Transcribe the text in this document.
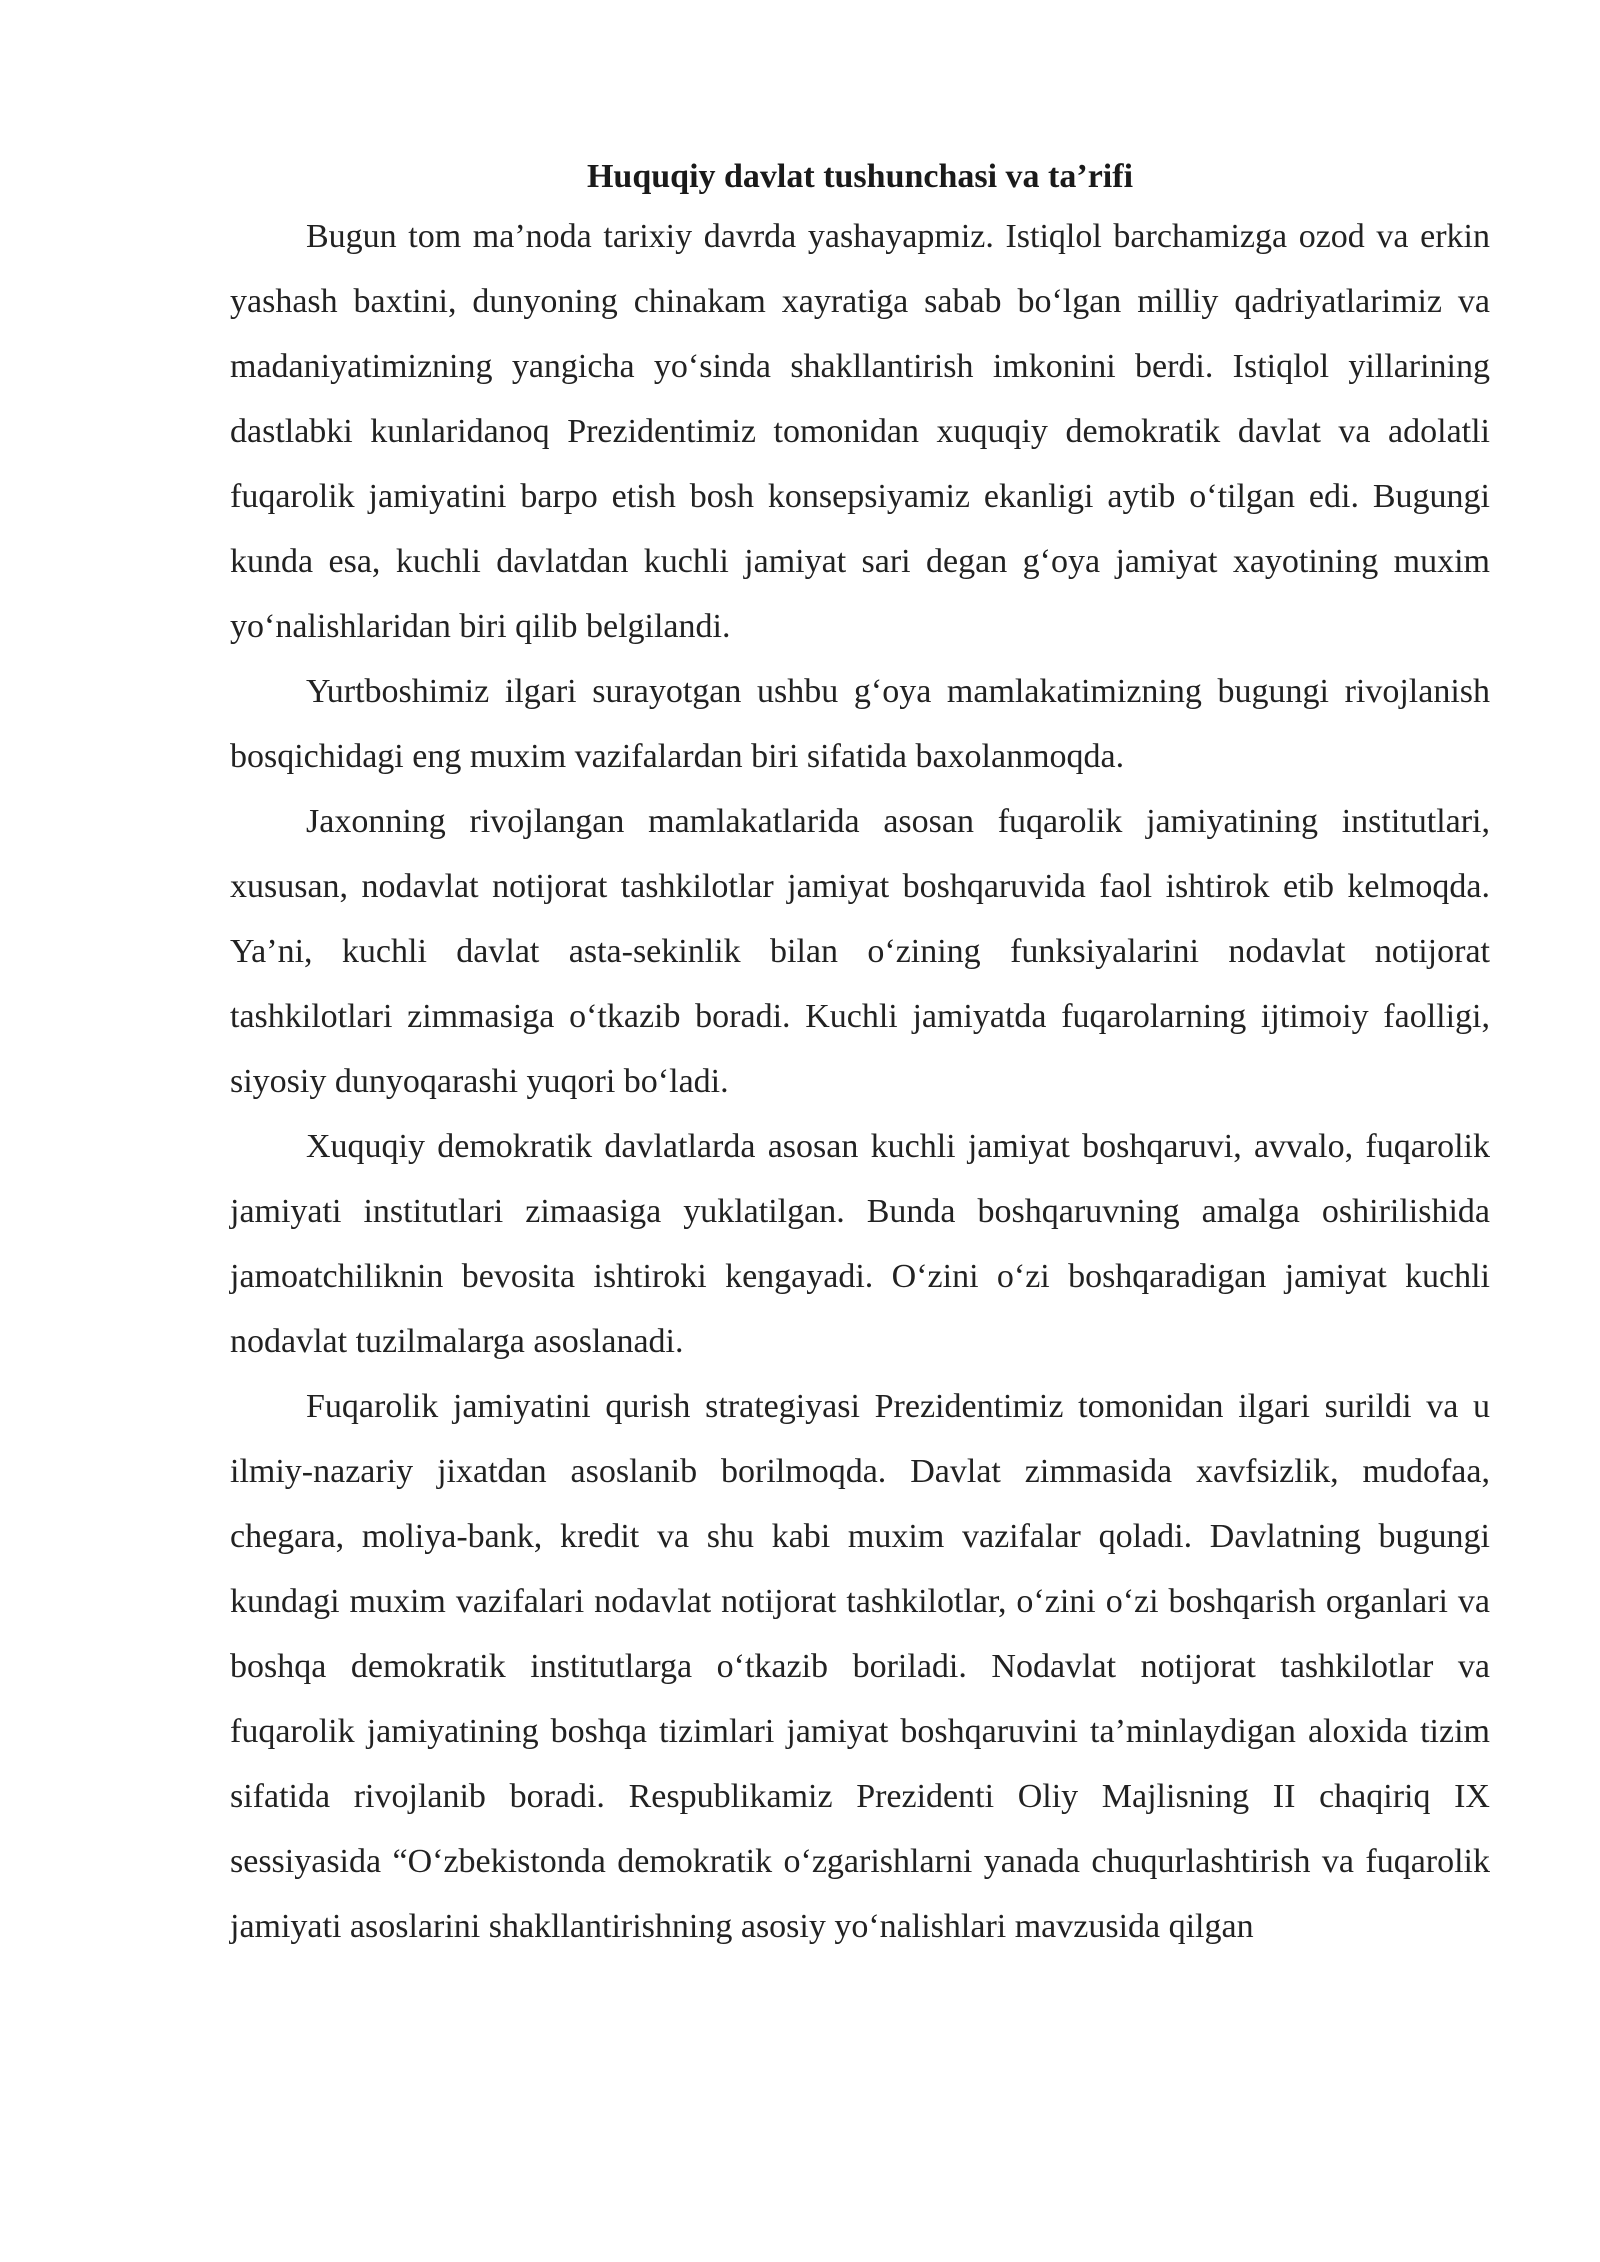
Huquqiy davlat tushunchasi va ta’rifi

Bugun tom ma’noda tarixiy davrda yashayapmiz. Istiqlol barchamizga ozod va erkin yashash baxtini, dunyoning chinakam xayratiga sabab bo‘lgan milliy qadriyatlarimiz va madaniyatimizning yangicha yo‘sinda shakllantirish imkonini berdi. Istiqlol yillarining dastlabki kunlaridanoq Prezidentimiz tomonidan xuquqiy demokratik davlat va adolatli fuqarolik jamiyatini barpo etish bosh konsepsiyamiz ekanligi aytib o‘tilgan edi. Bugungi kunda esa, kuchli davlatdan kuchli jamiyat sari degan g‘oya jamiyat xayotining muxim yo‘nalishlaridan biri qilib belgilandi.

Yurtboshimiz ilgari surayotgan ushbu g‘oya mamlakatimizning bugungi rivojlanish bosqichidagi eng muxim vazifalardan biri sifatida baxolanmoqda.

Jaxonning rivojlangan mamlakatlarida asosan fuqarolik jamiyatining institutlari, xususan, nodavlat notijorat tashkilotlar jamiyat boshqaruvida faol ishtirok etib kelmoqda. Ya’ni, kuchli davlat asta-sekinlik bilan o‘zining funksiyalarini nodavlat notijorat tashkilotlari zimmasiga o‘tkazib boradi. Kuchli jamiyatda fuqarolarning ijtimoiy faolligi, siyosiy dunyoqarashi yuqori bo‘ladi.

Xuquqiy demokratik davlatlarda asosan kuchli jamiyat boshqaruvi, avvalo, fuqarolik jamiyati institutlari zimaasiga yuklatilgan. Bunda boshqaruvning amalga oshirilishida jamoatchiliknin bevosita ishtiroki kengayadi. O‘zini o‘zi boshqaradigan jamiyat kuchli nodavlat tuzilmalarga asoslanadi.

Fuqarolik jamiyatini qurish strategiyasi Prezidentimiz tomonidan ilgari surildi va u ilmiy-nazariy jixatdan asoslanib borilmoqda. Davlat zimmasida xavfsizlik, mudofaa, chegara, moliya-bank, kredit va shu kabi muxim vazifalar qoladi. Davlatning bugungi kundagi muxim vazifalari nodavlat notijorat tashkilotlar, o‘zini o‘zi boshqarish organlari va boshqa demokratik institutlarga o‘tkazib boriladi. Nodavlat notijorat tashkilotlar va fuqarolik jamiyatining boshqa tizimlari jamiyat boshqaruvini ta’minlaydigan aloxida tizim sifatida rivojlanib boradi. Respublikamiz Prezidenti Oliy Majlisning II chaqiriq IX sessiyasida “O‘zbekistonda demokratik o‘zgarishlarni yanada chuqurlashtirish va fuqarolik jamiyati asoslarini shakllantirishning asosiy yo‘nalishlari mavzusida qilgan
